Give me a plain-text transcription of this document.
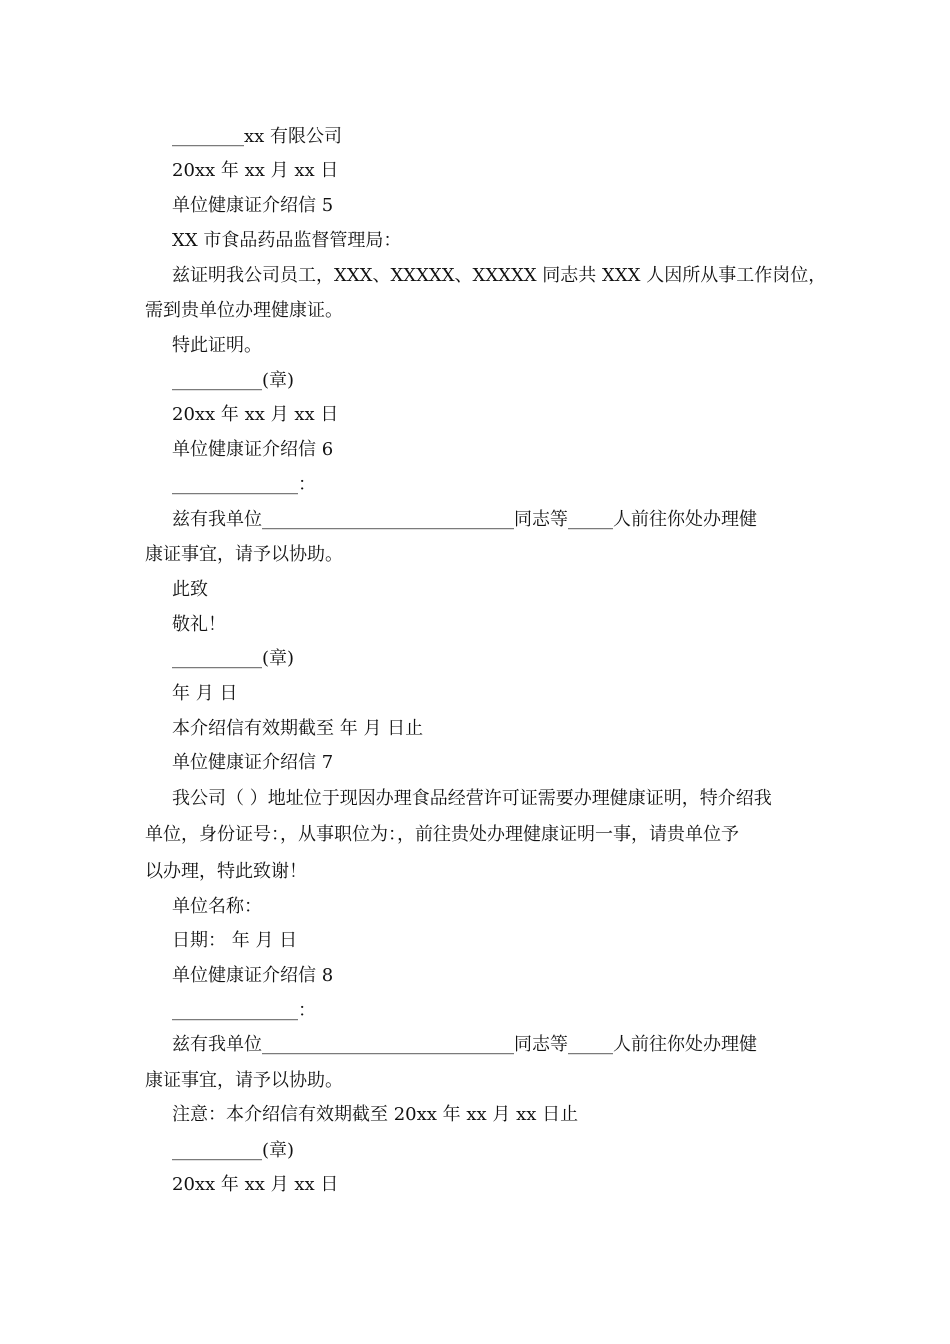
________xx 有限公司
20xx 年 xx 月 xx 日
单位健康证介绍信 5
XX 市食品药品监督管理局：
兹证明我公司员工，XXX、XXXXX、XXXXX 同志共 XXX 人因所从事工作岗位，
需到贵单位办理健康证。
特此证明。
__________(章)
20xx 年 xx 月 xx 日
单位健康证介绍信 6
______________：
兹有我单位____________________________同志等_____人前往你处办理健
康证事宜，请予以协助。
此致
敬礼！
__________(章)
年 月 日
本介绍信有效期截至 年 月 日止
单位健康证介绍信 7
我公司（ ）地址位于现因办理食品经营许可证需要办理健康证明，特介绍我
单位，身份证号：，从事职位为：，前往贵处办理健康证明一事，请贵单位予
以办理，特此致谢！
单位名称：
日期： 年 月 日
单位健康证介绍信 8
______________：
兹有我单位____________________________同志等_____人前往你处办理健
康证事宜，请予以协助。
注意：本介绍信有效期截至 20xx 年 xx 月 xx 日止
__________(章)
20xx 年 xx 月 xx 日
